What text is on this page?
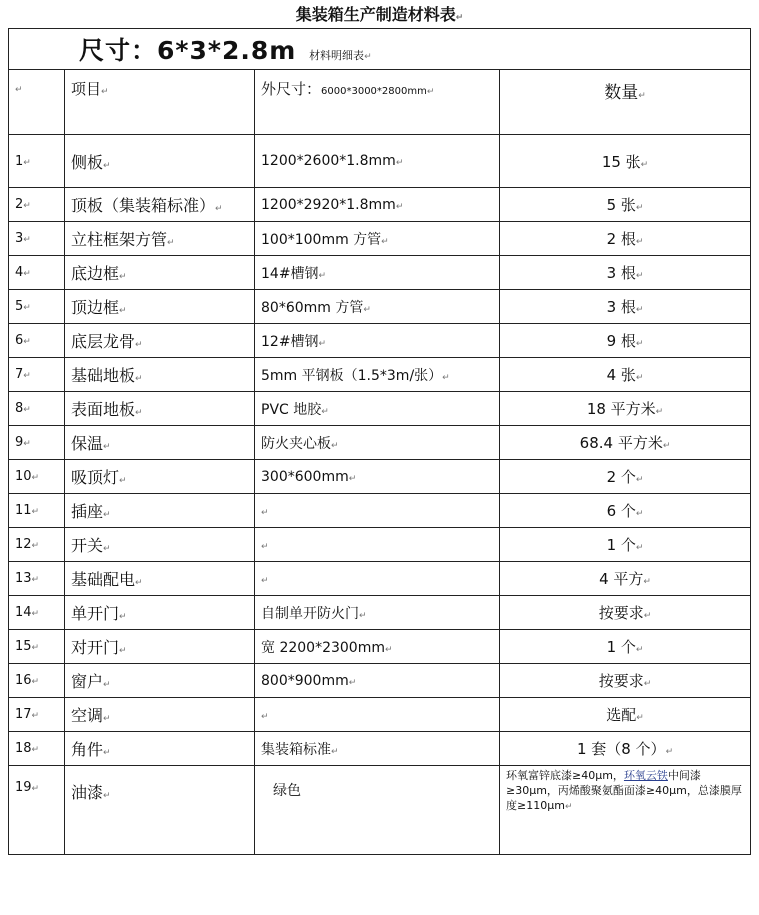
集装箱生产制造材料表↵
尺寸：6*3*2.8m 材料明细表↵			
↵	项目↵	外尺寸：6000*3000*2800mm↵	数量↵
1↵	侧板↵	1200*2600*1.8mm↵	15 张↵
2↵	顶板（集装箱标准）↵	1200*2920*1.8mm↵	5 张↵
3↵	立柱框架方管↵	100*100mm 方管↵	2 根↵
4↵	底边框↵	14#槽钢↵	3 根↵
5↵	顶边框↵	80*60mm 方管↵	3 根↵
6↵	底层龙骨↵	12#槽钢↵	9 根↵
7↵	基础地板↵	5mm 平钢板（1.5*3m/张）↵	4 张↵
8↵	表面地板↵	PVC 地胶↵	18 平方米↵
9↵	保温↵	防火夹心板↵	68.4 平方米↵
10↵	吸顶灯↵	300*600mm↵	2 个↵
11↵	插座↵	↵	6 个↵
12↵	开关↵	↵	1 个↵
13↵	基础配电↵	↵	4 平方↵
14↵	单开门↵	自制单开防火门↵	按要求↵
15↵	对开门↵	宽 2200*2300mm↵	1 个↵
16↵	窗户↵	800*900mm↵	按要求↵
17↵	空调↵	↵	选配↵
18↵	角件↵	集装箱标准↵	1 套（8 个）↵
19↵	油漆↵	绿色	环氧富锌底漆≥40μm，环氧云铁中间漆≥30μm，丙烯酸聚氨酯面漆≥40μm，总漆膜厚度≥110μm↵
